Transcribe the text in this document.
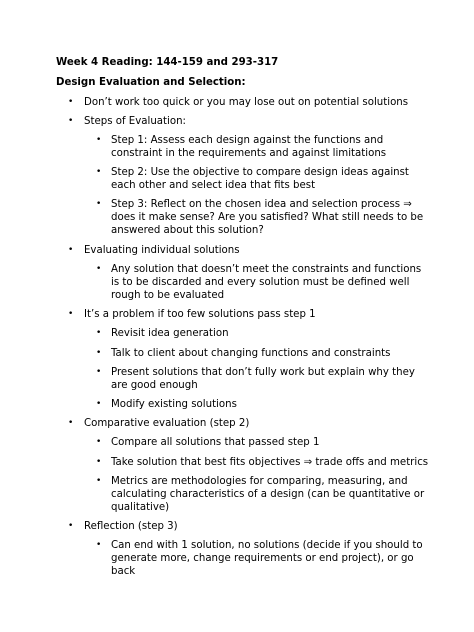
Week 4 Reading: 144-159 and 293-317
Design Evaluation and Selection:
• Don’t work too quick or you may lose out on potential solutions
• Steps of Evaluation:
• Step 1: Assess each design against the functions and constraint in the requirements and against limitations
• Step 2: Use the objective to compare design ideas against each other and select idea that fits best
• Step 3: Reflect on the chosen idea and selection process ⇒ does it make sense? Are you satisfied? What still needs to be answered about this solution?
• Evaluating individual solutions
• Any solution that doesn’t meet the constraints and functions is to be discarded and every solution must be defined well rough to be evaluated
• It’s a problem if too few solutions pass step 1
• Revisit idea generation
• Talk to client about changing functions and constraints
• Present solutions that don’t fully work but explain why they are good enough
• Modify existing solutions
• Comparative evaluation (step 2)
• Compare all solutions that passed step 1
• Take solution that best fits objectives ⇒ trade offs and metrics
• Metrics are methodologies for comparing, measuring, and calculating characteristics of a design (can be quantitative or qualitative)
• Reflection (step 3)
• Can end with 1 solution, no solutions (decide if you should to generate more, change requirements or end project), or go back
